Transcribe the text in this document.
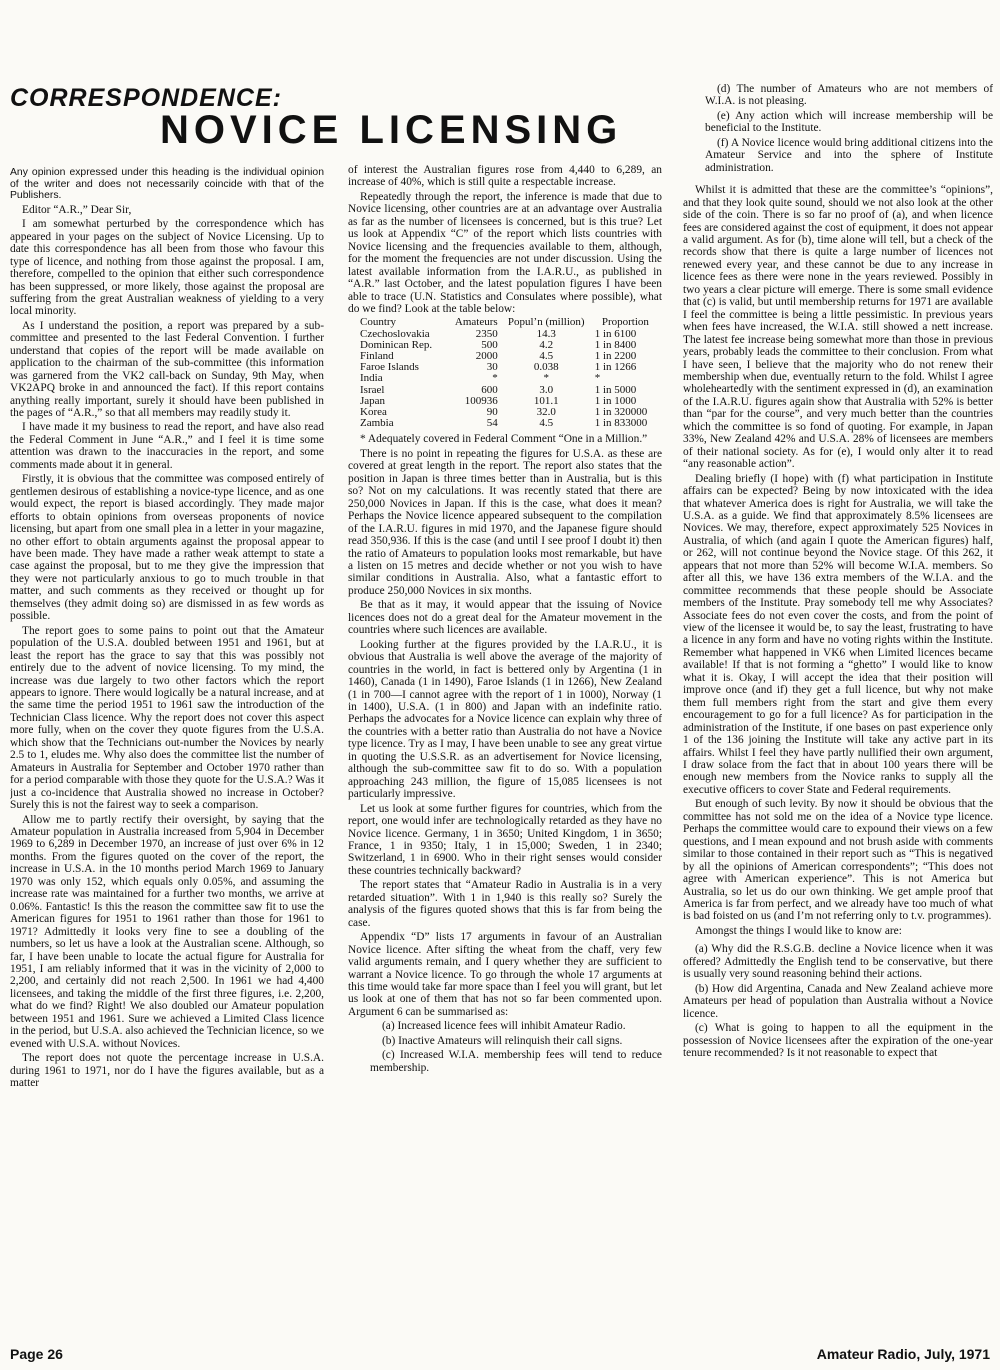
CORRESPONDENCE:
NOVICE LICENSING

Any opinion expressed under this heading is the individual opinion of the writer and does not necessarily coincide with that of the Publishers.

Editor “A.R.,” Dear Sir,

I am somewhat perturbed by the correspondence which has appeared in your pages on the subject of Novice Licensing. Up to date this correspondence has all been from those who favour this type of licence, and nothing from those against the proposal. I am, therefore, compelled to the opinion that either such correspondence has been suppressed, or more likely, those against the proposal are suffering from the great Australian weakness of yielding to a very local minority.

As I understand the position, a report was prepared by a sub-committee and presented to the last Federal Convention. I further understand that copies of the report will be made available on application to the chairman of the sub-committee (this information was garnered from the VK2 call-back on Sunday, 9th May, when VK2APQ broke in and announced the fact). If this report contains anything really important, surely it should have been published in the pages of “A.R.,” so that all members may readily study it.

I have made it my business to read the report, and have also read the Federal Comment in June “A.R.,” and I feel it is time some attention was drawn to the inaccuracies in the report, and some comments made about it in general.

Firstly, it is obvious that the committee was composed entirely of gentlemen desirous of establishing a novice-type licence, and as one would expect, the report is biased accordingly. They made major efforts to obtain opinions from overseas proponents of novice licensing, but apart from one small plea in a letter in your magazine, no other effort to obtain arguments against the proposal appear to have been made. They have made a rather weak attempt to state a case against the proposal, but to me they give the impression that they were not particularly anxious to go to much trouble in that matter, and such comments as they received or thought up for themselves (they admit doing so) are dismissed in as few words as possible.

The report goes to some pains to point out that the Amateur population of the U.S.A. doubled between 1951 and 1961, but at least the report has the grace to say that this was possibly not entirely due to the advent of novice licensing. To my mind, the increase was due largely to two other factors which the report appears to ignore. There would logically be a natural increase, and at the same time the period 1951 to 1961 saw the introduction of the Technician Class licence. Why the report does not cover this aspect more fully, when on the cover they quote figures from the U.S.A. which show that the Technicians out-number the Novices by nearly 2.5 to 1, eludes me. Why also does the committee list the number of Amateurs in Australia for September and October 1970 rather than for a period comparable with those they quote for the U.S.A.? Was it just a co-incidence that Australia showed no increase in October? Surely this is not the fairest way to seek a comparison.

Allow me to partly rectify their oversight, by saying that the Amateur population in Australia increased from 5,904 in December 1969 to 6,289 in December 1970, an increase of just over 6% in 12 months. From the figures quoted on the cover of the report, the increase in U.S.A. in the 10 months period March 1969 to January 1970 was only 152, which equals only 0.05%, and assuming the increase rate was maintained for a further two months, we arrive at 0.06%. Fantastic! Is this the reason the committee saw fit to use the American figures for 1951 to 1961 rather than those for 1961 to 1971? Admittedly it looks very fine to see a doubling of the numbers, so let us have a look at the Australian scene. Although, so far, I have been unable to locate the actual figure for Australia for 1951, I am reliably informed that it was in the vicinity of 2,000 to 2,200, and certainly did not reach 2,500. In 1961 we had 4,400 licensees, and taking the middle of the first three figures, i.e. 2,200, what do we find? Right! We also doubled our Amateur population between 1951 and 1961. Sure we achieved a Limited Class licence in the period, but U.S.A. also achieved the Technician licence, so we evened with U.S.A. without Novices.

The report does not quote the percentage increase in U.S.A. during 1961 to 1971, nor do I have the figures available, but as a matter

of interest the Australian figures rose from 4,440 to 6,289, an increase of 40%, which is still quite a respectable increase.

Repeatedly through the report, the inference is made that due to Novice licensing, other countries are at an advantage over Australia as far as the number of licensees is concerned, but is this true? Let us look at Appendix “C” of the report which lists countries with Novice licensing and the frequencies available to them, although, for the moment the frequencies are not under discussion. Using the latest available information from the I.A.R.U., as published in “A.R.” last October, and the latest population figures I have been able to trace (U.N. Statistics and Consulates where possible), what do we find? Look at the table below:

Country	Amateurs	Popul’n (million)	Proportion
Czechoslovakia	2350	14.3	1 in 6100
Dominican Rep.	500	4.2	1 in 8400
Finland	2000	4.5	1 in 2200
Faroe Islands	30	0.038	1 in 1266
India	*	*	*
Israel	600	3.0	1 in 5000
Japan	100936	101.1	1 in 1000
Korea	90	32.0	1 in 320000
Zambia	54	4.5	1 in 833000

* Adequately covered in Federal Comment “One in a Million.”

There is no point in repeating the figures for U.S.A. as these are covered at great length in the report. The report also states that the position in Japan is three times better than in Australia, but is this so? Not on my calculations. It was recently stated that there are 250,000 Novices in Japan. If this is the case, what does it mean? Perhaps the Novice licence appeared subsequent to the compilation of the I.A.R.U. figures in mid 1970, and the Japanese figure should read 350,936. If this is the case (and until I see proof I doubt it) then the ratio of Amateurs to population looks most remarkable, but have a listen on 15 metres and decide whether or not you wish to have similar conditions in Australia. Also, what a fantastic effort to produce 250,000 Novices in six months.

Be that as it may, it would appear that the issuing of Novice licences does not do a great deal for the Amateur movement in the countries where such licences are available.

Looking further at the figures provided by the I.A.R.U., it is obvious that Australia is well above the average of the majority of countries in the world, in fact is bettered only by Argentina (1 in 1460), Canada (1 in 1490), Faroe Islands (1 in 1266), New Zealand (1 in 700—I cannot agree with the report of 1 in 1000), Norway (1 in 1400), U.S.A. (1 in 800) and Japan with an indefinite ratio. Perhaps the advocates for a Novice licence can explain why three of the countries with a better ratio than Australia do not have a Novice type licence. Try as I may, I have been unable to see any great virtue in quoting the U.S.S.R. as an advertisement for Novice licensing, although the sub-committee saw fit to do so. With a population approaching 243 million, the figure of 15,085 licensees is not particularly impressive.

Let us look at some further figures for countries, which from the report, one would infer are technologically retarded as they have no Novice licence. Germany, 1 in 3650; United Kingdom, 1 in 3650; France, 1 in 9350; Italy, 1 in 15,000; Sweden, 1 in 2340; Switzerland, 1 in 6900. Who in their right senses would consider these countries technically backward?

The report states that “Amateur Radio in Australia is in a very retarded situation”. With 1 in 1,940 is this really so? Surely the analysis of the figures quoted shows that this is far from being the case.

Appendix “D” lists 17 arguments in favour of an Australian Novice licence. After sifting the wheat from the chaff, very few valid arguments remain, and I query whether they are sufficient to warrant a Novice licence. To go through the whole 17 arguments at this time would take far more space than I feel you will grant, but let us look at one of them that has not so far been commented upon. Argument 6 can be summarised as:

(a) Increased licence fees will inhibit Amateur Radio.

(b) Inactive Amateurs will relinquish their call signs.

(c) Increased W.I.A. membership fees will tend to reduce membership.

(d) The number of Amateurs who are not members of W.I.A. is not pleasing.

(e) Any action which will increase membership will be beneficial to the Institute.

(f) A Novice licence would bring additional citizens into the Amateur Service and into the sphere of Institute administration.

Whilst it is admitted that these are the committee’s “opinions”, and that they look quite sound, should we not also look at the other side of the coin. There is so far no proof of (a), and when licence fees are considered against the cost of equipment, it does not appear a valid argument. As for (b), time alone will tell, but a check of the records show that there is quite a large number of licences not renewed every year, and these cannot be due to any increase in licence fees as there were none in the years reviewed. Possibly in two years a clear picture will emerge. There is some small evidence that (c) is valid, but until membership returns for 1971 are available I feel the committee is being a little pessimistic. In previous years when fees have increased, the W.I.A. still showed a nett increase. The latest fee increase being somewhat more than those in previous years, probably leads the committee to their conclusion. From what I have seen, I believe that the majority who do not renew their membership when due, eventually return to the fold. Whilst I agree wholeheartedly with the sentiment expressed in (d), an examination of the I.A.R.U. figures again show that Australia with 52% is better than “par for the course”, and very much better than the countries which the committee is so fond of quoting. For example, in Japan 33%, New Zealand 42% and U.S.A. 28% of licensees are members of their national society. As for (e), I would only alter it to read “any reasonable action”.

Dealing briefly (I hope) with (f) what participation in Institute affairs can be expected? Being by now intoxicated with the idea that whatever America does is right for Australia, we will take the U.S.A. as a guide. We find that approximately 8.5% licensees are Novices. We may, therefore, expect approximately 525 Novices in Australia, of which (and again I quote the American figures) half, or 262, will not continue beyond the Novice stage. Of this 262, it appears that not more than 52% will become W.I.A. members. So after all this, we have 136 extra members of the W.I.A. and the committee recommends that these people should be Associate members of the Institute. Pray somebody tell me why Associates? Associate fees do not even cover the costs, and from the point of view of the licensee it would be, to say the least, frustrating to have a licence in any form and have no voting rights within the Institute. Remember what happened in VK6 when Limited licences became available! If that is not forming a “ghetto” I would like to know what it is. Okay, I will accept the idea that their position will improve once (and if) they get a full licence, but why not make them full members right from the start and give them every encouragement to go for a full licence? As for participation in the administration of the Institute, if one bases on past experience only 1 of the 136 joining the Institute will take any active part in its affairs. Whilst I feel they have partly nullified their own argument, I draw solace from the fact that in about 100 years there will be enough new members from the Novice ranks to supply all the executive officers to cover State and Federal requirements.

But enough of such levity. By now it should be obvious that the committee has not sold me on the idea of a Novice type licence. Perhaps the committee would care to expound their views on a few questions, and I mean expound and not brush aside with comments similar to those contained in their report such as “This is negatived by all the opinions of American correspondents”; “This does not agree with American experience”. This is not America but Australia, so let us do our own thinking. We get ample proof that America is far from perfect, and we already have too much of what is bad foisted on us (and I’m not referring only to t.v. programmes).

Amongst the things I would like to know are:

(a) Why did the R.S.G.B. decline a Novice licence when it was offered? Admittedly the English tend to be conservative, but there is usually very sound reasoning behind their actions.

(b) How did Argentina, Canada and New Zealand achieve more Amateurs per head of population than Australia without a Novice licence.

(c) What is going to happen to all the equipment in the possession of Novice licensees after the expiration of the one-year tenure recommended? Is it not reasonable to expect that

Page 26	Amateur Radio, July, 1971
